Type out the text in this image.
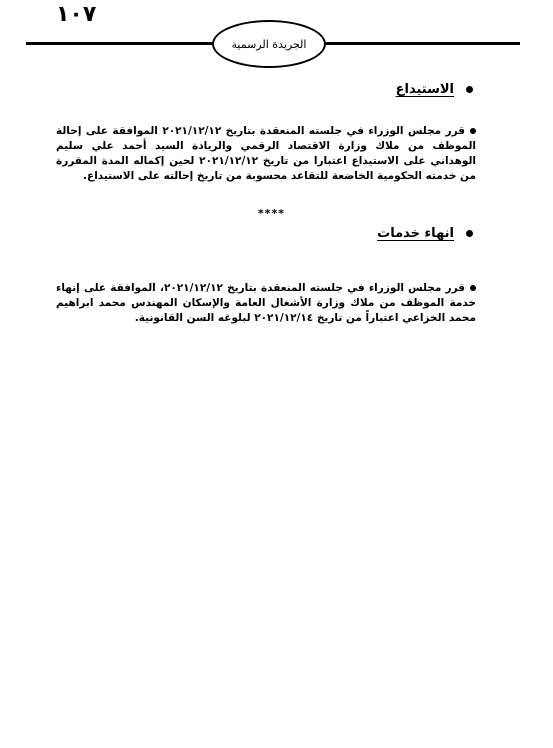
١٠٧
الجريدة الرسمية
الاستيداع
قرر مجلس الوزراء في جلسته المنعقدة بتاريخ ٢٠٢١/١٢/١٢ الموافقة على إحالة الموظف من ملاك وزارة الاقتصاد الرقمي والريادة السيد أحمد علي سليم الوهداني على الاستيداع اعتبارا من تاريخ ٢٠٢١/١٢/١٢ لحين إكماله المدة المقررة من خدمته الحكومية الخاضعة للتقاعد محسوبة من تاريخ إحالته على الاستيداع.
****
انهاء خدمات
قرر مجلس الوزراء في جلسته المنعقدة بتاريخ ٢٠٢١/١٢/١٢، الموافقة على إنهاء خدمة الموظف من ملاك وزارة الأشغال العامة والإسكان المهندس محمد ابراهيم محمد الخزاعي اعتباراً من تاريخ ٢٠٢١/١٢/١٤ لبلوغه السن القانونية.
